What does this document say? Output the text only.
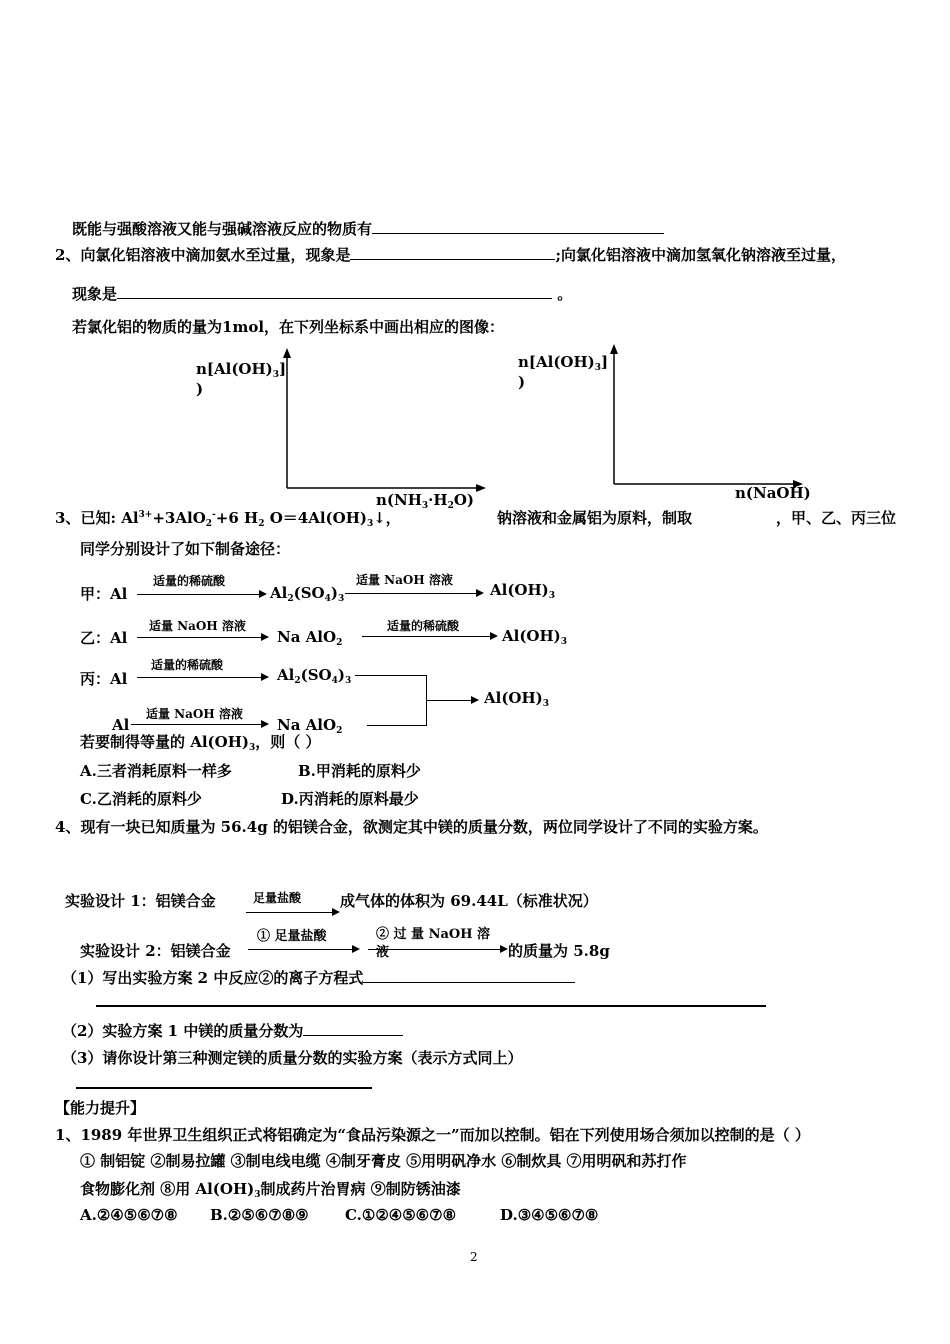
既能与强酸溶液又能与强碱溶液反应的物质有
2、向氯化铝溶液中滴加氨水至过量，现象是	;向氯化铝溶液中滴加氢氧化钠溶液至过量，
现象是	。
若氯化铝的物质的量为1mol，在下列坐标系中画出相应的图像：
$n[Al(OH)_3]$
)
$n(NH_3\cdot H_2O)$
$n[Al(OH)_3]$
)
n(NaOH)
3、已知: $Al^{3+}+3AlO_2^-+6$ $H_2$ $O=4Al(OH)_3↓$，	钠溶液和金属铝为原料，制取	，甲、乙、丙三位
同学分别设计了如下制备途径：
甲：Al
适量的稀硫酸
$Al_2(SO_4)_3$
适量 NaOH 溶液
$Al(OH)_3$
乙：Al
适量 NaOH 溶液
Na AlO$_2$
适量的稀硫酸
$Al(OH)_3$
丙：Al
适量的稀硫酸
$Al_2(SO_4)_3$
Al
适量 NaOH 溶液
Na AlO$_2$
$Al(OH)_3$
若要制得等量的 $Al(OH)_3$，则（ ）
A.三者消耗原料一样多	B.甲消耗的原料少
C.乙消耗的原料少	D.丙消耗的原料最少
4、现有一块已知质量为 56.4g 的铝镁合金，欲测定其中镁的质量分数，两位同学设计了不同的实验方案。
实验设计 1：铝镁合金	足量盐酸	成气体的体积为 69.44L（标准状况）
实验设计 2：铝镁合金
① 足量盐酸	② 过 量 NaOH 溶
液	的质量为 5.8g
（1）写出实验方案 2 中反应②的离子方程式
（2）实验方案 1 中镁的质量分数为
（3）请你设计第三种测定镁的质量分数的实验方案（表示方式同上）
【能力提升】
1、1989 年世界卫生组织正式将铝确定为“食品污染源之一”而加以控制。铝在下列使用场合须加以控制的是（ ）
① 制铝锭 ②制易拉罐 ③制电线电缆 ④制牙膏皮 ⑤用明矾净水 ⑥制炊具 ⑦用明矾和苏打作
食物膨化剂 ⑧用 $Al(OH)_3$制成药片治胃病 ⑨制防锈油漆
A.②④⑤⑥⑦⑧ B.②⑤⑥⑦⑧⑨ C.①②④⑤⑥⑦⑧	D.③④⑤⑥⑦⑧
2
